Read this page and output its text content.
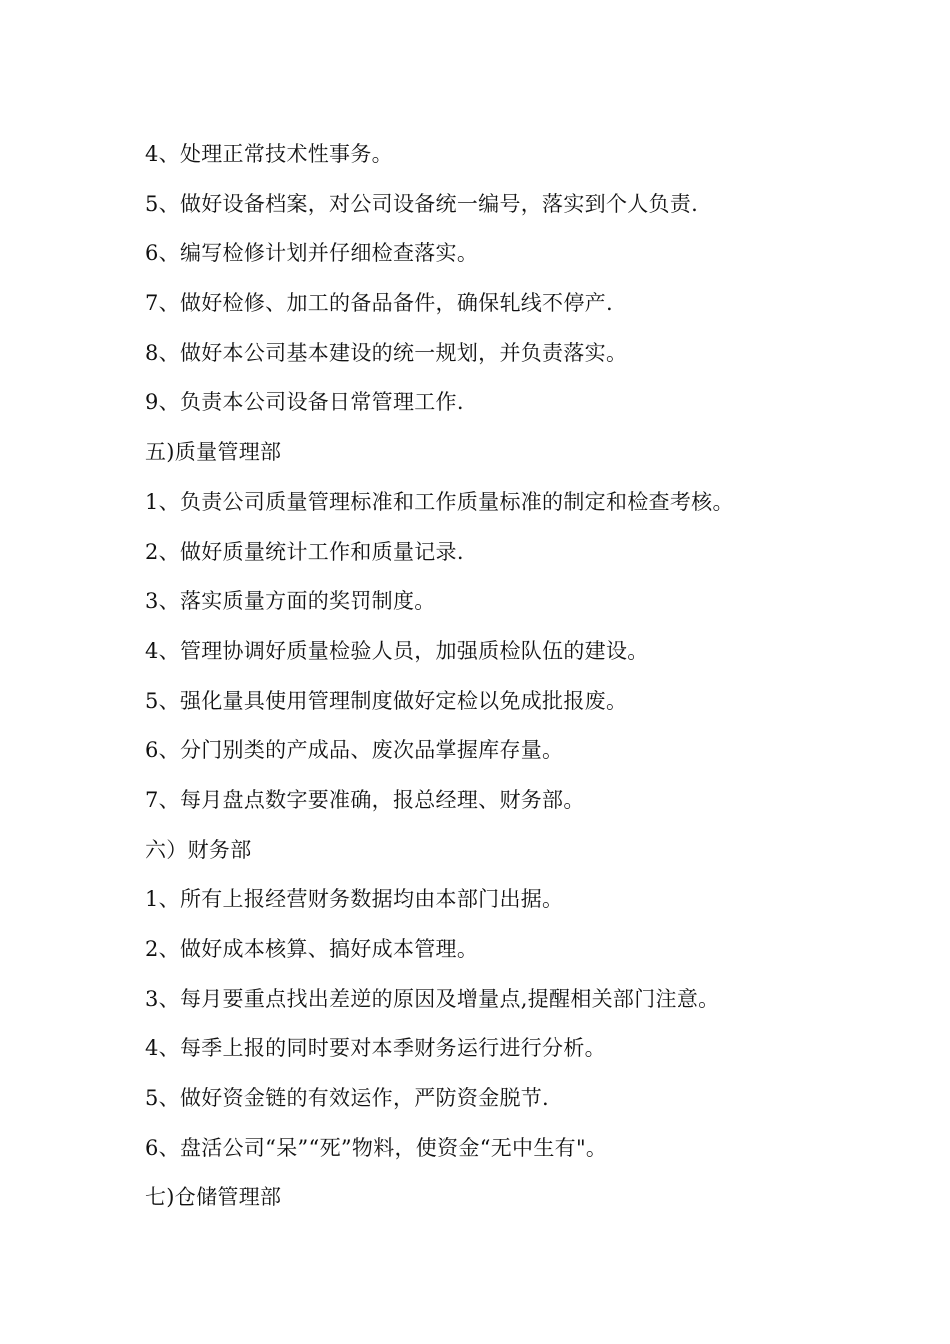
4、处理正常技术性事务。
5、做好设备档案，对公司设备统一编号，落实到个人负责.
6、编写检修计划并仔细检查落实。
7、做好检修、加工的备品备件，确保轧线不停产.
8、做好本公司基本建设的统一规划，并负责落实。
9、负责本公司设备日常管理工作.
五)质量管理部
1、负责公司质量管理标准和工作质量标准的制定和检查考核。
2、做好质量统计工作和质量记录.
3、落实质量方面的奖罚制度。
4、管理协调好质量检验人员，加强质检队伍的建设。
5、强化量具使用管理制度做好定检以免成批报废。
6、分门别类的产成品、废次品掌握库存量。
7、每月盘点数字要准确，报总经理、财务部。
六）财务部
1、所有上报经营财务数据均由本部门出据。
2、做好成本核算、搞好成本管理。
3、每月要重点找出差逆的原因及增量点,提醒相关部门注意。
4、每季上报的同时要对本季财务运行进行分析。
5、做好资金链的有效运作，严防资金脱节.
6、盘活公司“呆”“死”物料，使资金“无中生有"。
七)仓储管理部
